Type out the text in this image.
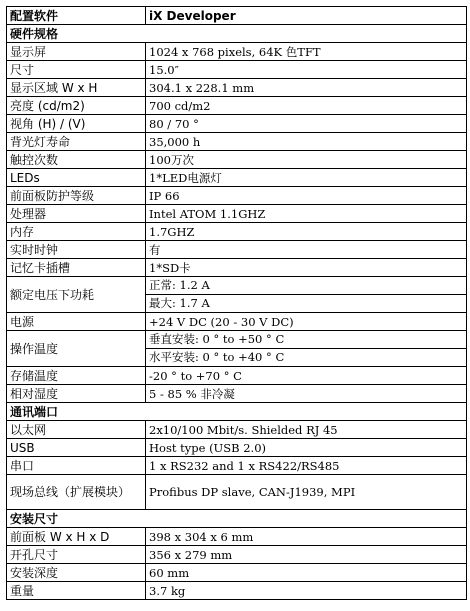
配置软件	iX Developer
硬件规格	
显示屏	1024 x 768 pixels, 64K 色TFT
尺寸	15.0″
显示区域 W x H	304.1 x 228.1 mm
亮度 (cd/m2)	700 cd/m2
视角 (H) / (V)	80 / 70 °
背光灯寿命	35,000 h
触控次数	100万次
LEDs	1*LED电源灯
前面板防护等级	IP 66
处理器	Intel ATOM 1.1GHZ
内存	1.7GHZ
实时时钟	有
记忆卡插槽	1*SD卡
额定电压下功耗	正常: 1.2 A
最大: 1.7 A

电源	+24 V DC (20 - 30 V DC)
操作温度	垂直安装: 0 ° to +50 ° C
水平安装: 0 ° to +40 ° C

存储温度	-20 ° to +70 ° C
相对湿度	5 - 85 % 非冷凝
通讯端口	
以太网	2x10/100 Mbit/s. Shielded RJ 45
USB	Host type (USB 2.0)
串口	1 x RS232 and 1 x RS422/RS485
现场总线（扩展模块）	Profibus DP slave, CAN-J1939, MPI
安装尺寸	
前面板 W x H x D	398 x 304 x 6 mm
开孔尺寸	356 x 279 mm
安装深度	60 mm
重量	3.7 kg
